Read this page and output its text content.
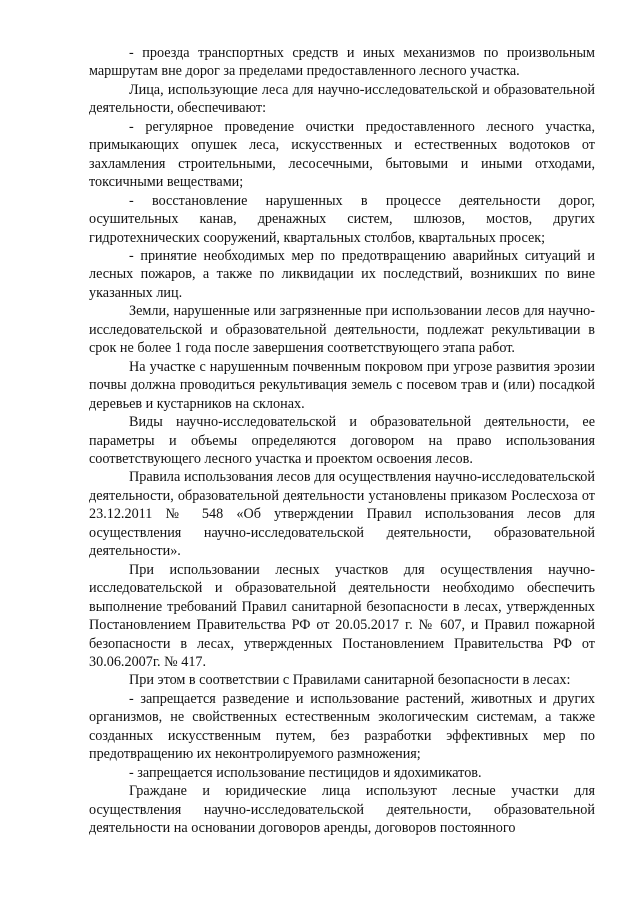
- проезда транспортных средств и иных механизмов по произвольным маршрутам вне дорог за пределами предоставленного лесного участка.

Лица, использующие леса для научно-исследовательской и образовательной деятельности, обеспечивают:

- регулярное проведение очистки предоставленного лесного участка, примыкающих опушек леса, искусственных и естественных водотоков от захламления строительными, лесосечными, бытовыми и иными отходами, токсичными веществами;

- восстановление нарушенных в процессе деятельности дорог, осушительных канав, дренажных систем, шлюзов, мостов, других гидротехнических сооружений, квартальных столбов, квартальных просек;

- принятие необходимых мер по предотвращению аварийных ситуаций и лесных пожаров, а также по ликвидации их последствий, возникших по вине указанных лиц.

Земли, нарушенные или загрязненные при использовании лесов для научно-исследовательской и образовательной деятельности, подлежат рекультивации в срок не более 1 года после завершения соответствующего этапа работ.

На участке с нарушенным почвенным покровом при угрозе развития эрозии почвы должна проводиться рекультивация земель с посевом трав и (или) посадкой деревьев и кустарников на склонах.

Виды научно-исследовательской и образовательной деятельности, ее параметры и объемы определяются договором на право использования соответствующего лесного участка и проектом освоения лесов.

Правила использования лесов для осуществления научно-исследовательской деятельности, образовательной деятельности установлены приказом Рослесхоза от 23.12.2011 № 548 «Об утверждении Правил использования лесов для осуществления научно-исследовательской деятельности, образовательной деятельности».

При использовании лесных участков для осуществления научно-исследовательской и образовательной деятельности необходимо обеспечить выполнение требований Правил санитарной безопасности в лесах, утвержденных Постановлением Правительства РФ от 20.05.2017 г. № 607, и Правил пожарной безопасности в лесах, утвержденных Постановлением Правительства РФ от 30.06.2007г. № 417.

При этом в соответствии с Правилами санитарной безопасности в лесах:

- запрещается разведение и использование растений, животных и других организмов, не свойственных естественным экологическим системам, а также созданных искусственным путем, без разработки эффективных мер по предотвращению их неконтролируемого размножения;

- запрещается использование пестицидов и ядохимикатов.

Граждане и юридические лица используют лесные участки для осуществления научно-исследовательской деятельности, образовательной деятельности на основании договоров аренды, договоров постоянного
